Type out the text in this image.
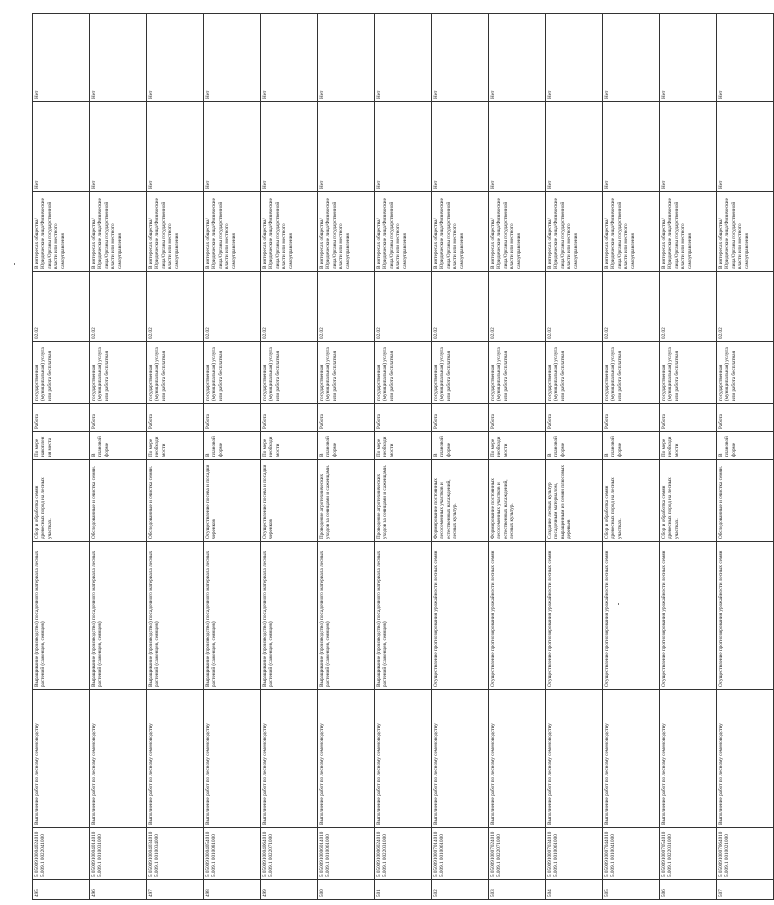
495	5 0500910004024010 5.009.1 0022041000	Выполнение работ по лесному семеноводству	Выращивание (производство) посадочного материала лесных растений (саженцев, сеянцев)	Сбор и обработка семян древесных пород на лесных участках.	По мере накопления места	Работа	государственная (муниципальная) услуга или работа бесплатная	02.02	В интересах общества/Юридические лица/Физические лица/Органы государственной власти или местного самоуправления	Нет	Нет
496	5 0500910004014010 5.009.1 0010031000	Выполнение работ по лесному семеноводству	Выращивание (производство) посадочного материала лесных растений (саженцев, сеянцев)	Обследованные и очистка семян.	В плановой форме	Работа	государственная (муниципальная) услуга или работа бесплатная	02.02	В интересах общества/Юридические лица/Физические лица/Органы государственной власти или местного самоуправления	Нет	Нет
497	5 0500910004034010 5.009.1 0010034000	Выполнение работ по лесному семеноводству	Выращивание (производство) посадочного материала лесных растений (саженцев, сеянцев)	Обследованные и очистка семян.	По мере необходимости	Работа	государственная (муниципальная) услуга или работа бесплатная	02.02	В интересах общества/Юридические лица/Физические лица/Органы государственной власти или местного самоуправления	Нет	Нет
498	5 0500910004054010 5.009.1 0010081000	Выполнение работ по лесному семеноводству	Выращивание (производство) посадочного материала лесных растений (саженцев, сеянцев)	Осуществление посева и посадки черенков	В плановой форме	Работа	государственная (муниципальная) услуга или работа бесплатная	02.02	В интересах общества/Юридические лица/Физические лица/Органы государственной власти или местного самоуправления	Нет	Нет
499	5 0500910004064010 5.009.1 0022071000	Выполнение работ по лесному семеноводству	Выращивание (производство) посадочного материала лесных растений (саженцев, сеянцев)	Осуществление посева и посадки черенков	По мере необходимости	Работа	государственная (муниципальная) услуга или работа бесплатная	02.02	В интересах общества/Юридические лица/Физические лица/Органы государственной власти или местного самоуправления	Нет	Нет
500	5 0500910006014010 5.009.1 0010061000	Выполнение работ по лесному семеноводству	Выращивание (производство) посадочного материала лесных растений (саженцев, сеянцев)	Проведение агротехнических уходов за сеянцами и саженцами.	В плановой форме	Работа	государственная (муниципальная) услуга или работа бесплатная	02.02	В интересах общества/Юридические лица/Физические лица/Органы государственной власти или местного самоуправления	Нет	Нет
501	5 0500910006024010 5.009.1 0022031000	Выполнение работ по лесному семеноводству	Выращивание (производство) посадочного материала лесных растений (саженцев, сеянцев)	Проведение агротехнических уходов за сеянцами и саженцами.	По мере необходимости	Работа	государственная (муниципальная) услуга или работа бесплатная	02.02	В интересах общества/Юридические лица/Физические лица/Органы государственной власти или местного самоуправления	Нет	Нет
502	5 0500910007014010 5.009.1 0010061000	Выполнение работ по лесному семеноводству	Осуществление прогнозирования урожайности лесных семян	Формирование постоянных лесосеменных участков и естественных насаждений, лесных культур.	В плановой форме	Работа	государственная (муниципальная) услуга или работа бесплатная	02.02	В интересах общества/Юридические лица/Физические лица/Органы государственной власти или местного самоуправления	Нет	Нет
503	5 0500910007024010 5.009.1 0022071000	Выполнение работ по лесному семеноводству	Осуществление прогнозирования урожайности лесных семян	Формирование постоянных лесосеменных участков и естественных насаждений, лесных культур.	По мере необходимости	Работа	государственная (муниципальная) услуга или работа бесплатная	02.02	В интересах общества/Юридические лица/Физические лица/Органы государственной власти или местного самоуправления	Нет	Нет
504	5 0500910007034010 5.009.1 0010061000	Выполнение работ по лесному семеноводству	Осуществление прогнозирования урожайности лесных семян	Создание лесных культур посадочным материалом, выращенным из семян плюсовых деревьев	В плановой форме	Работа	государственная (муниципальная) услуга или работа бесплатная	02.02	В интересах общества/Юридические лица/Физические лица/Органы государственной власти или местного самоуправления	Нет	Нет
505	5 0500910007044010 5.009.1 0010041000	Выполнение работ по лесному семеноводству	Осуществление прогнозирования урожайности лесных семян	Сбор и обработка семян древесных пород на лесных участках.	В плановой форме	Работа	государственная (муниципальная) услуга или работа бесплатная	02.02	В интересах общества/Юридические лица/Физические лица/Органы государственной власти или местного самоуправления	Нет	Нет
506	5 0500910007054010 5.009.1 0022031000	Выполнение работ по лесному семеноводству	Осуществление прогнозирования урожайности лесных семян	Сбор и обработка семян древесных пород на лесных участках.	По мере необходимости	Работа	государственная (муниципальная) услуга или работа бесплатная	02.02	В интересах общества/Юридические лица/Физические лица/Органы государственной власти или местного самоуправления	Нет	Нет
507	5 0500910007064010 5.009.1 0010021000	Выполнение работ по лесному семеноводству	Осуществление прогнозирования урожайности лесных семян	Обследованные и очистка семян.	В плановой форме	Работа	государственная (муниципальная) услуга или работа бесплатная	02.02	В интересах общества/Юридические лица/Физические лица/Органы государственной власти или местного самоуправления	Нет	Нет
